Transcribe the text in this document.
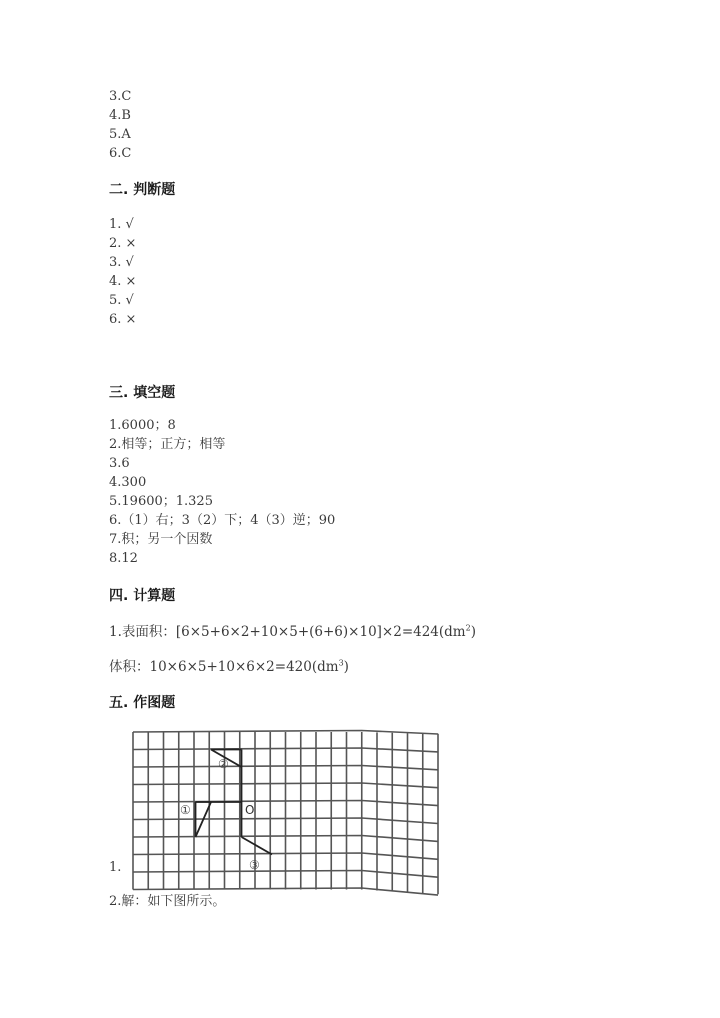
3.C
4.B
5.A
6.C
二. 判断题
1. √
2. ×
3. √
4. ×
5. √
6. ×
三. 填空题
1.6000；8
2.相等；正方；相等
3.6
4.300
5.19600；1.325
6.（1）右；3（2）下；4（3）逆；90
7.积；另一个因数
8.12
四. 计算题
1.表面积：$[6\times 5+6\times 2+10\times 5+(6+6)\times 10]\times 2=424(dm^2)$
体积：$10\times 6\times 5+10\times 6\times 2=420(dm^3)$
五. 作图题
1.
②
①	O
③
2.解：如下图所示。
